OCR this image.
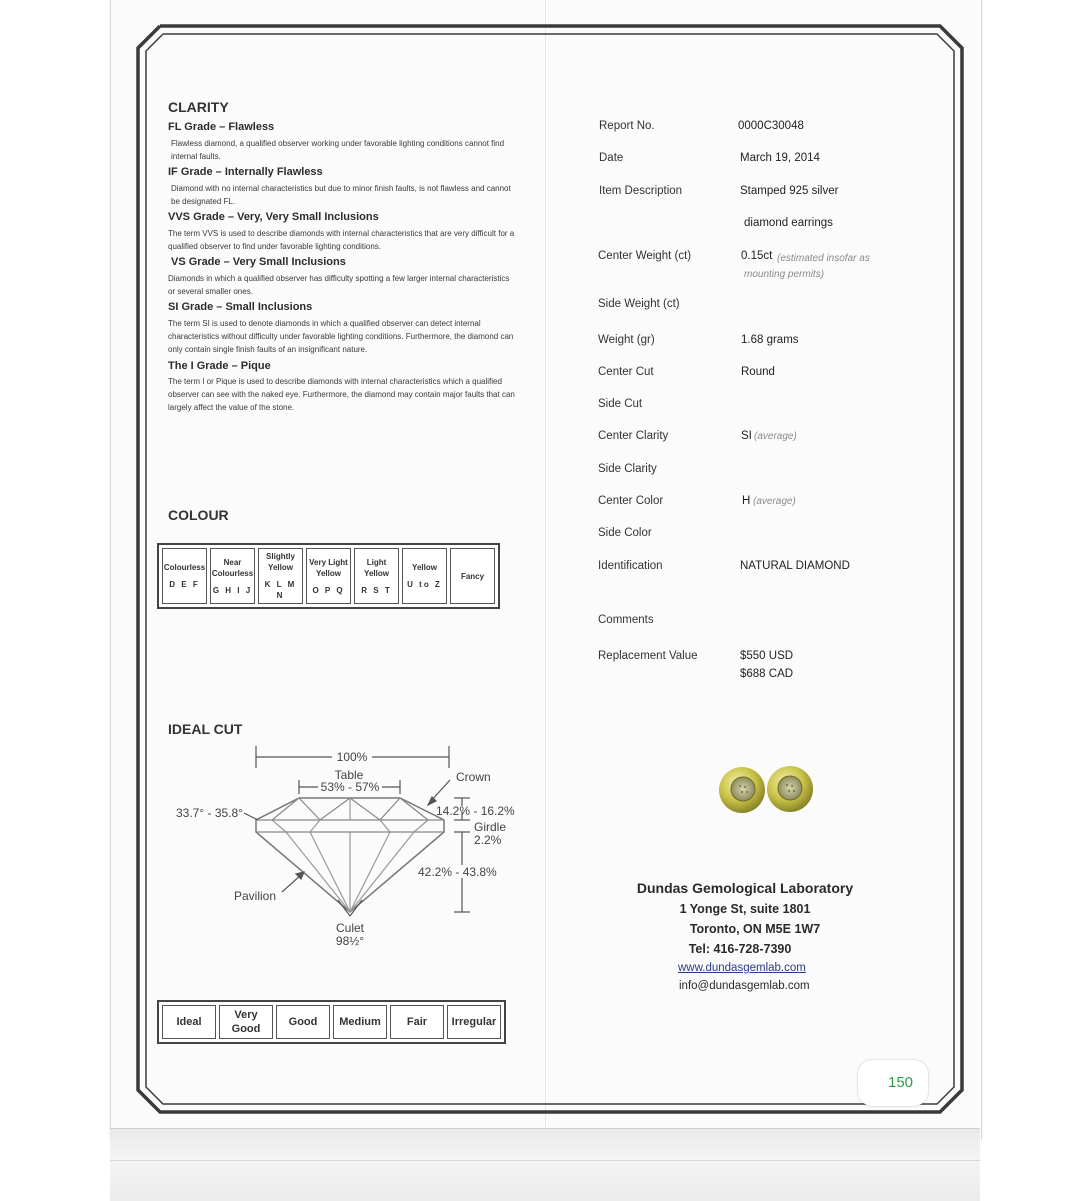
CLARITY
FL Grade – Flawless
Flawless diamond, a qualified observer working under favorable lighting conditions cannot find internal faults.
IF Grade – Internally Flawless
Diamond with no internal characteristics but due to minor finish faults, is not flawless and cannot be designated FL.
VVS Grade – Very, Very Small Inclusions
The term VVS is used to describe diamonds with internal characteristics that are very difficult for a qualified observer to find under favorable lighting conditions.
VS Grade – Very Small Inclusions
Diamonds in which a qualified observer has difficulty spotting a few larger internal characteristics or several smaller ones.
SI Grade – Small Inclusions
The term SI is used to denote diamonds in which a qualified observer can detect internal characteristics without difficulty under favorable lighting conditions. Furthermore, the diamond can only contain single finish faults of an insignificant nature.
The I Grade – Pique
The term I or Pique is used to describe diamonds with internal characteristics which a qualified observer can see with the naked eye. Furthermore, the diamond may contain major faults that can largely affect the value of the stone.
COLOUR
Colourless
D E F
	Near Colourless
G H I J
	Slightly Yellow
K L M N
	Very Light Yellow
O P Q
	Light Yellow
R S T
	Yellow
U to Z
	Fancy
IDEAL CUT
100%
Table
53% - 57%
Crown
33.7° - 35.8°	14.2% - 16.2%
Girdle
2.2%
42.2% - 43.8%
Pavilion
Culet
98½°
Ideal	Very Good	Good	Medium	Fair	Irregular
Report No.	0000C30048
Date	March 19, 2014
Item Description	Stamped 925 silver
diamond earrings
Center Weight (ct)	0.15ct (estimated insofar as mounting permits)
Side Weight (ct)
Weight (gr)	1.68 grams
Center Cut	Round
Side Cut
Center Clarity	SI (average)
Side Clarity
Center Color	H (average)
Side Color
Identification	NATURAL DIAMOND
Comments
Replacement Value	$550 USD
$688 CAD
Dundas Gemological Laboratory
1 Yonge St, suite 1801
Toronto, ON M5E 1W7
Tel: 416-728-7390
www.dundasgemlab.com
info@dundasgemlab.com
150
